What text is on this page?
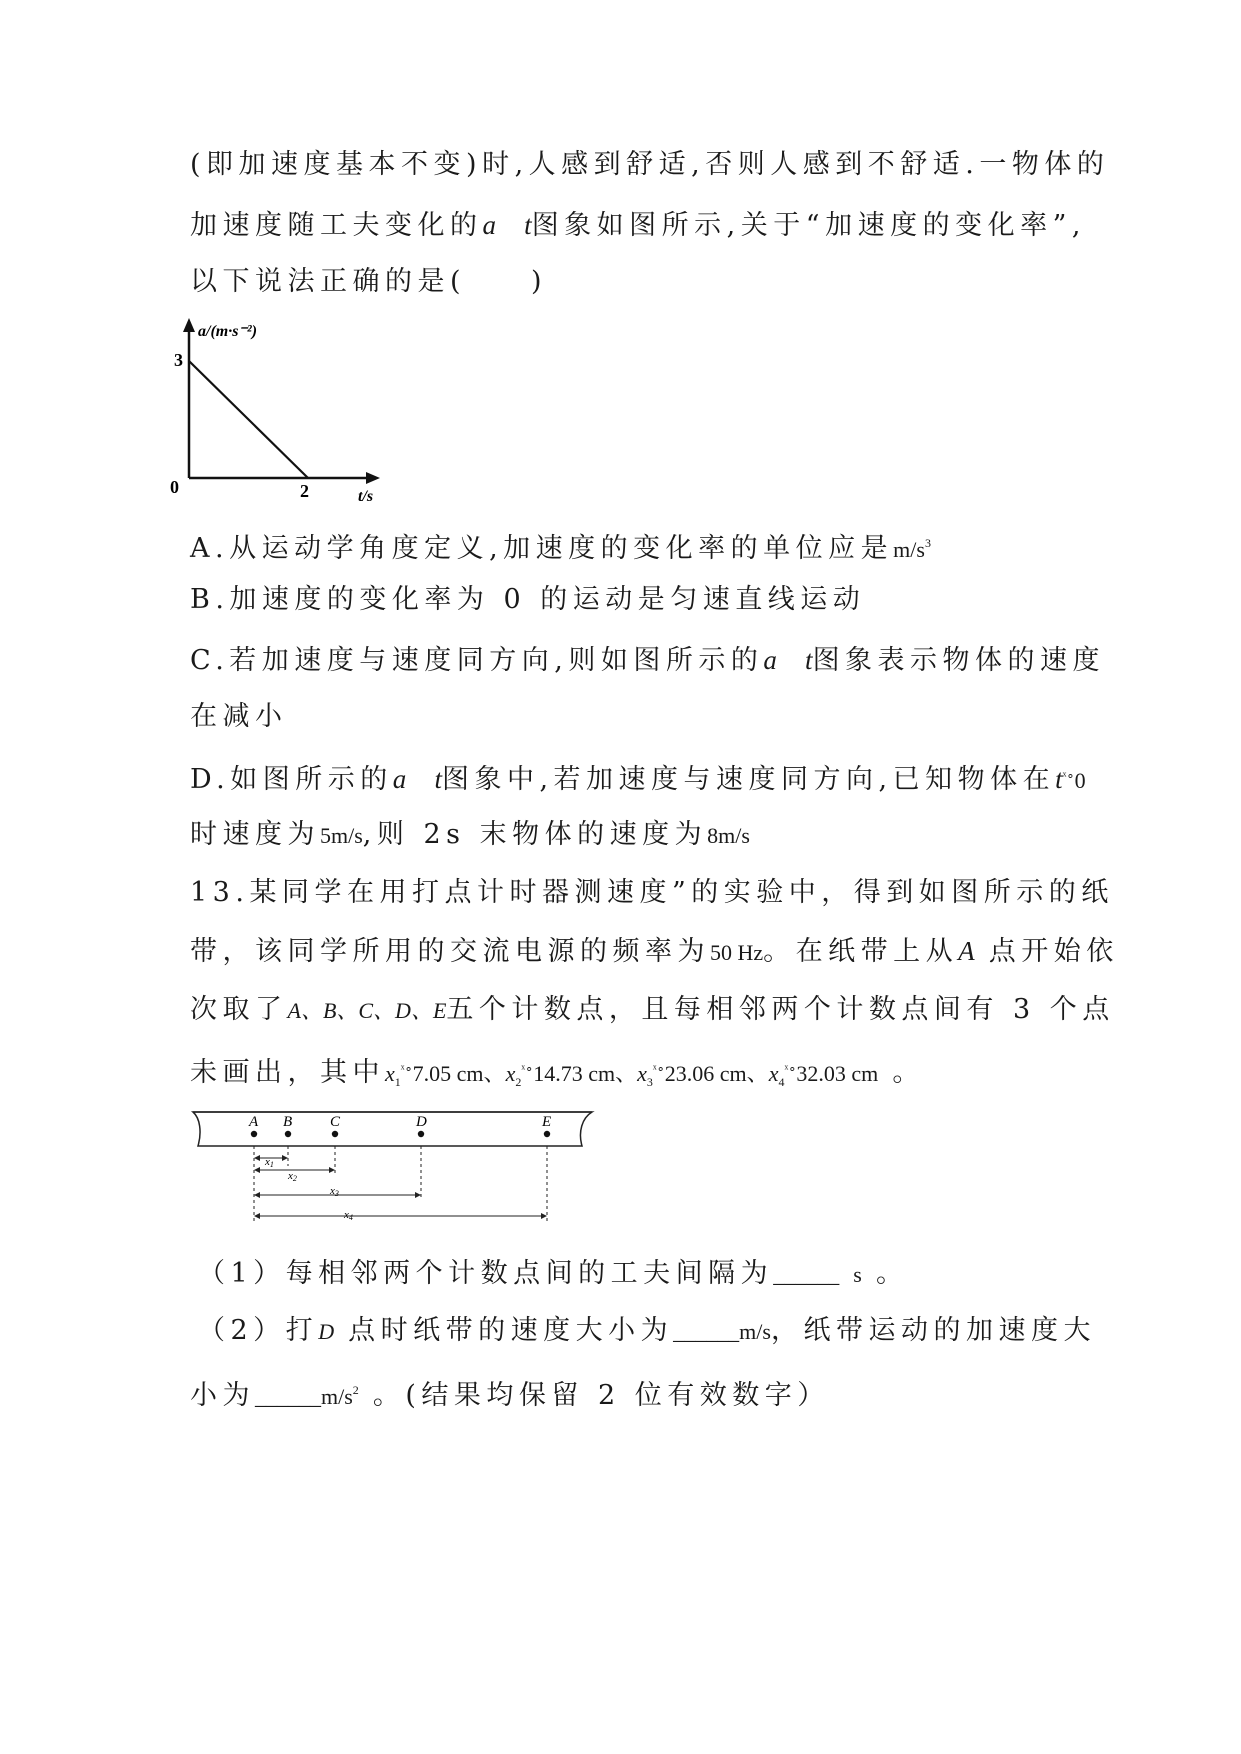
(即加速度基本不变)时,人感到舒适,否则人感到不舒适.一物体的
加速度随工夫变化的a t图象如图所示,关于“加速度的变化率”,
以下说法正确的是(　　)
a/(m·s⁻²)
3
0	2	t/s
A.从运动学角度定义,加速度的变化率的单位应是$m/s^3$
B.加速度的变化率为 0 的运动是匀速直线运动
C.若加速度与速度同方向,则如图所示的a t图象表示物体的速度
在减小
D.如图所示的a t图象中,若加速度与速度同方向,已知物体在$t^{ˣ\circ}0$
时速度为5m/s,则 2s 末物体的速度为8m/s
13.某同学在用打点计时器测速度”的实验中，得到如图所示的纸
带，该同学所用的交流电源的频率为50 Hz。在纸带上从A 点开始依
次取了A、B、C、D、E五个计数点，且每相邻两个计数点间有 3 个点
未画出，其中$x_1^{ˣ\circ}7.05$ cm、$x_2^{ˣ\circ}14.73$ cm、$x_3^{ˣ\circ}23.06$ cm、$x_4^{ˣ\circ}32.03$ cm 。
A B	C	D	E
x1
x2
x3
x4
（1）每相邻两个计数点间的工夫间隔为______ s 。
（2）打D 点时纸带的速度大小为______m/s，纸带运动的加速度大
小为$\_\_\_\_\_\_m/s^2$ 。(结果均保留 2 位有效数字）
